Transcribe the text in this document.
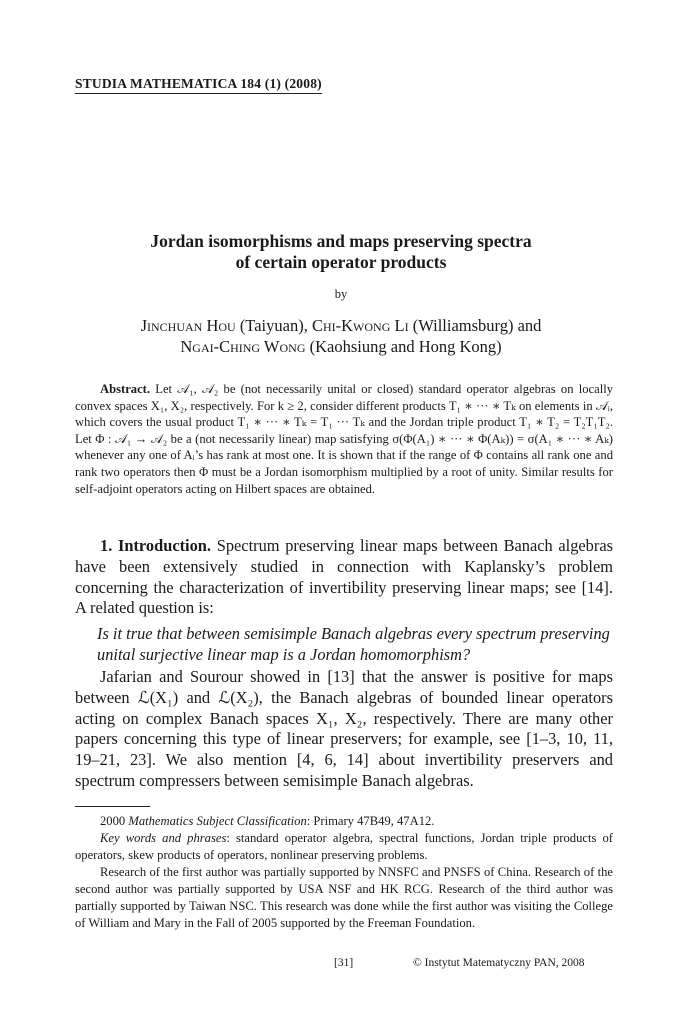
STUDIA MATHEMATICA 184 (1) (2008)
Jordan isomorphisms and maps preserving spectra
of certain operator products
by
Jinchuan Hou (Taiyuan), Chi-Kwong Li (Williamsburg) and
Ngai-Ching Wong (Kaohsiung and Hong Kong)
Abstract. Let 𝒜₁, 𝒜₂ be (not necessarily unital or closed) standard operator algebras on locally convex spaces X₁, X₂, respectively. For k ≥ 2, consider different products T₁ ∗ ··· ∗ Tₖ on elements in 𝒜ᵢ, which covers the usual product T₁ ∗ ··· ∗ Tₖ = T₁ ··· Tₖ and the Jordan triple product T₁ ∗ T₂ = T₂T₁T₂. Let Φ : 𝒜₁ → 𝒜₂ be a (not necessarily linear) map satisfying σ(Φ(A₁) ∗ ··· ∗ Φ(Aₖ)) = σ(A₁ ∗ ··· ∗ Aₖ) whenever any one of Aᵢ’s has rank at most one. It is shown that if the range of Φ contains all rank one and rank two operators then Φ must be a Jordan isomorphism multiplied by a root of unity. Similar results for self-adjoint operators acting on Hilbert spaces are obtained.
1. Introduction. Spectrum preserving linear maps between Banach algebras have been extensively studied in connection with Kaplansky’s problem concerning the characterization of invertibility preserving linear maps; see [14]. A related question is:
Is it true that between semisimple Banach algebras every spectrum preserving unital surjective linear map is a Jordan homomorphism?
Jafarian and Sourour showed in [13] that the answer is positive for maps between ℒ(X₁) and ℒ(X₂), the Banach algebras of bounded linear operators acting on complex Banach spaces X₁, X₂, respectively. There are many other papers concerning this type of linear preservers; for example, see [1–3, 10, 11, 19–21, 23]. We also mention [4, 6, 14] about invertibility preservers and spectrum compressers between semisimple Banach algebras.
2000 Mathematics Subject Classification: Primary 47B49, 47A12.
Key words and phrases: standard operator algebra, spectral functions, Jordan triple products of operators, skew products of operators, nonlinear preserving problems.
Research of the first author was partially supported by NNSFC and PNSFS of China. Research of the second author was partially supported by USA NSF and HK RCG. Research of the third author was partially supported by Taiwan NSC. This research was done while the first author was visiting the College of William and Mary in the Fall of 2005 supported by the Freeman Foundation.
[31]	© Instytut Matematyczny PAN, 2008
